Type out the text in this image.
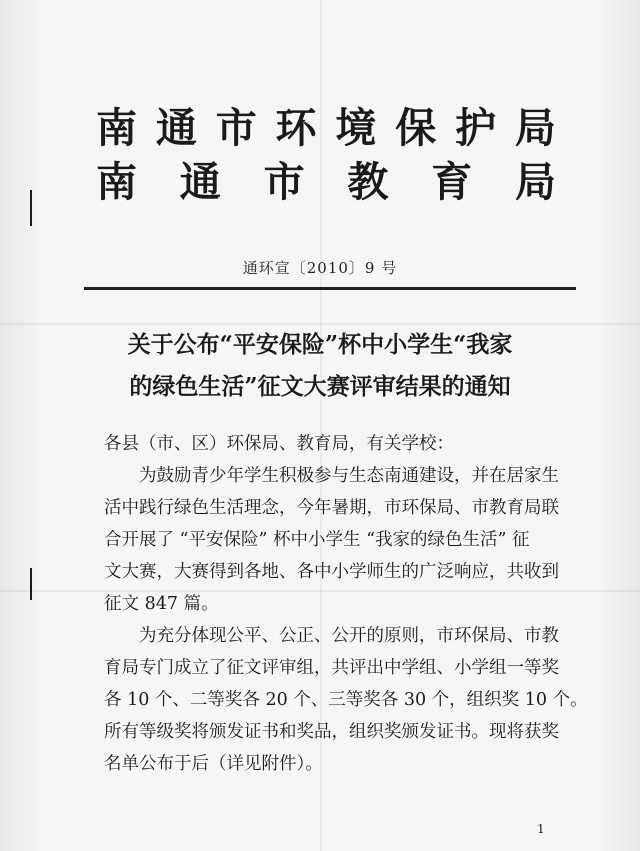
南 通 市 环 境 保 护 局
南 通 市 教 育 局
通环宣〔2010〕9 号
关于公布“平安保险”杯中小学生“我家
的绿色生活”征文大赛评审结果的通知
各县（市、区）环保局、教育局，有关学校：
为鼓励青少年学生积极参与生态南通建设，并在居家生
活中践行绿色生活理念，今年暑期，市环保局、市教育局联
合开展了 “平安保险” 杯中小学生 “我家的绿色生活” 征
文大赛，大赛得到各地、各中小学师生的广泛响应，共收到
征文 847 篇。
为充分体现公平、公正、公开的原则，市环保局、市教
育局专门成立了征文评审组，共评出中学组、小学组一等奖
各 10 个、二等奖各 20 个、三等奖各 30 个，组织奖 10 个。
所有等级奖将颁发证书和奖品，组织奖颁发证书。现将获奖
名单公布于后（详见附件）。
1
